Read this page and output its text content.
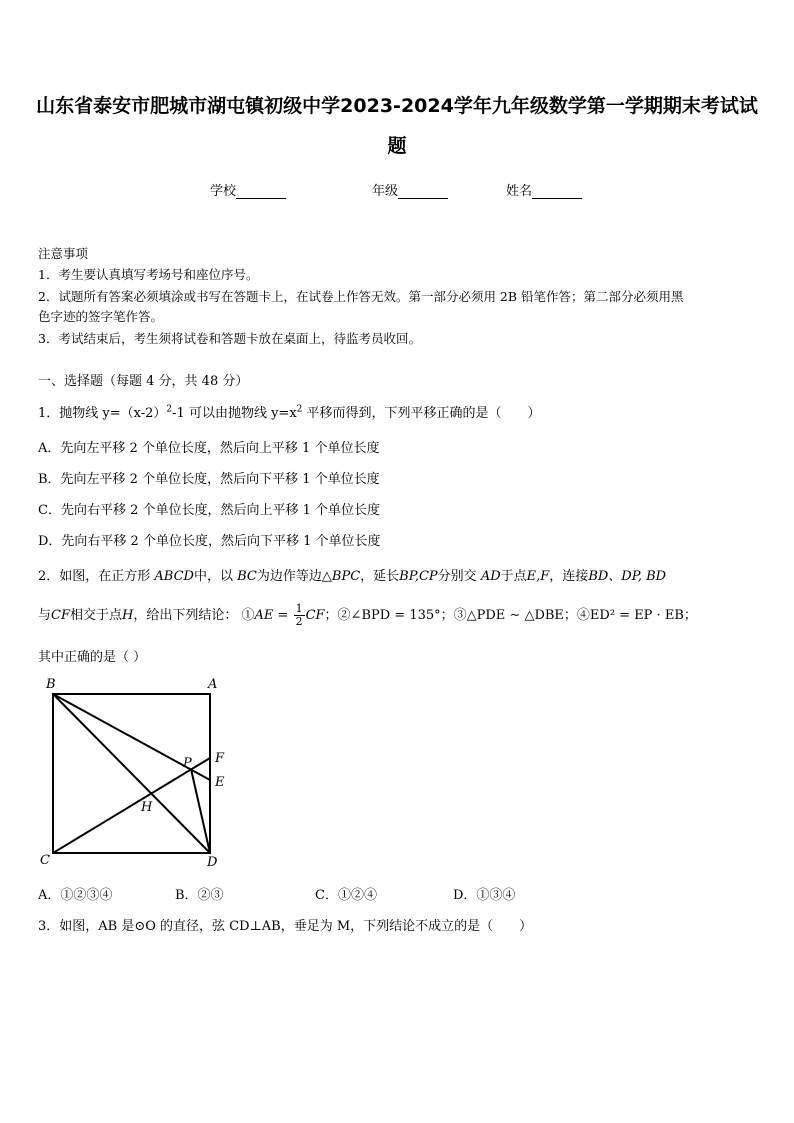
山东省泰安市肥城市湖屯镇初级中学2023-2024学年九年级数学第一学期期末考试试
题
学校	年级	姓名
注意事项
1．考生要认真填写考场号和座位序号。
2．试题所有答案必须填涂或书写在答题卡上，在试卷上作答无效。第一部分必须用 2B 铅笔作答；第二部分必须用黑
色字迹的签字笔作答。
3．考试结束后，考生须将试卷和答题卡放在桌面上，待监考员收回。
一、选择题（每题 4 分，共 48 分）
1．抛物线 $y=(x-2)^2-1$ 可以由抛物线 $y=x^2$ 平移而得到，下列平移正确的是（　　）
A．先向左平移 2 个单位长度，然后向上平移 1 个单位长度
B．先向左平移 2 个单位长度，然后向下平移 1 个单位长度
C．先向右平移 2 个单位长度，然后向上平移 1 个单位长度
D．先向右平移 2 个单位长度，然后向下平移 1 个单位长度
2．如图，在正方形 ABCD中，以 BC为边作等边△BPC，延长BP,CP分别交 AD于点E,F，连接BD、DP, BD
与CF相交于点H，给出下列结论： ①AE = $\frac{1}{2}$ CF；②∠BPD = 135°；③△PDE ∼ △DBE；④ED² = EP · EB；
其中正确的是（ ）
B	A
C	D
P F
E
H
A．①②③④	B．②③	C．①②④	D．①③④
3．如图，AB 是⊙O 的直径，弦 CD⊥AB，垂足为 M，下列结论不成立的是（　　）
